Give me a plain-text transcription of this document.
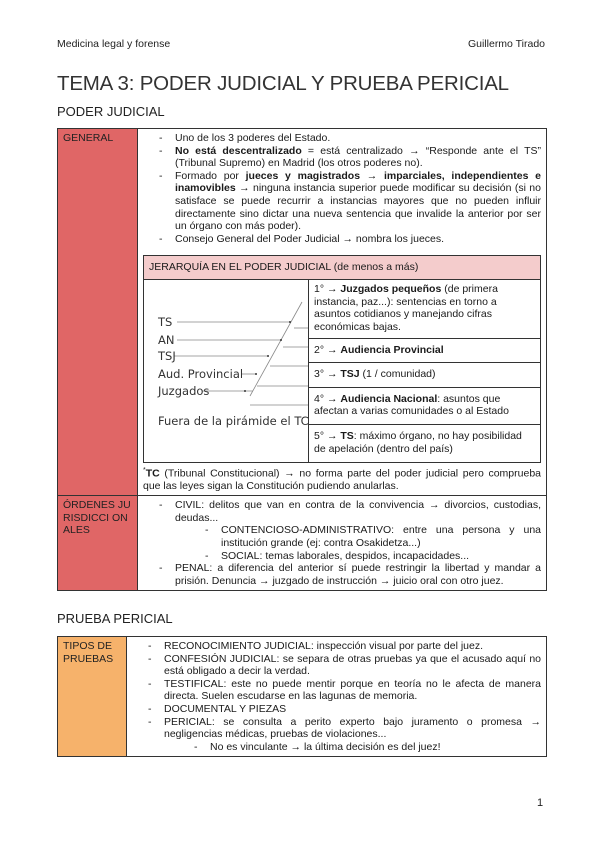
Medicina legal y forense	Guillermo Tirado
TEMA 3: PODER JUDICIAL Y PRUEBA PERICIAL
PODER JUDICIAL
GENERAL	
-Uno de los 3 poderes del Estado.
- No está descentralizado = está centralizado → “Responde ante el TS” (Tribunal Supremo) en Madrid (los otros poderes no).
- Formado por jueces y magistrados → imparciales, independientes e inamovibles → ninguna instancia superior puede modificar su decisión (si no satisface se puede recurrir a instancias mayores que no pueden influir directamente sino dictar una nueva sentencia que invalide la anterior por ser un órgano con más poder).
- Consejo General del Poder Judicial → nombra los jueces.
JERARQUÍA EN EL PODER JUDICIAL (de menos a más)

TS
AN
TSJ
Aud. Provincial
Juzgados
Fuera de la pirámide el TC
	1° → Juzgados pequeños (de primera instancia, paz...): sentencias en torno a asuntos cotidianos y manejando cifras económicas bajas.
2° → Audiencia Provincial
3° → TSJ (1 / comunidad)
4° → Audiencia Nacional: asuntos que afectan a varias comunidades o al Estado
5° → TS: máximo órgano, no hay posibilidad de apelación (dentro del país)
*TC (Tribunal Constitucional) → no forma parte del poder judicial pero comprueba que las leyes sigan la Constitución pudiendo anularlas.

ÓRDENES JURISDICCI ONALES	
- CIVIL: delitos que van en contra de la convivencia → divorcios, custodias, deudas...
- CONTENCIOSO-ADMINISTRATIVO: entre una persona y una institución grande (ej: contra Osakidetza...)
- SOCIAL: temas laborales, despidos, incapacidades...
- PENAL: a diferencia del anterior sí puede restringir la libertad y mandar a prisión. Denuncia → juzgado de instrucción → juicio oral con otro juez.
PRUEBA PERICIAL
TIPOS DE PRUEBAS	
- RECONOCIMIENTO JUDICIAL: inspección visual por parte del juez.
- CONFESIÓN JUDICIAL: se separa de otras pruebas ya que el acusado aquí no está obligado a decir la verdad.
- TESTIFICAL: este no puede mentir porque en teoría no le afecta de manera directa. Suelen escudarse en las lagunas de memoria.
- DOCUMENTAL Y PIEZAS
- PERICIAL: se consulta a perito experto bajo juramento o promesa → negligencias médicas, pruebas de violaciones...
- No es vinculante → la última decisión es del juez!
1
